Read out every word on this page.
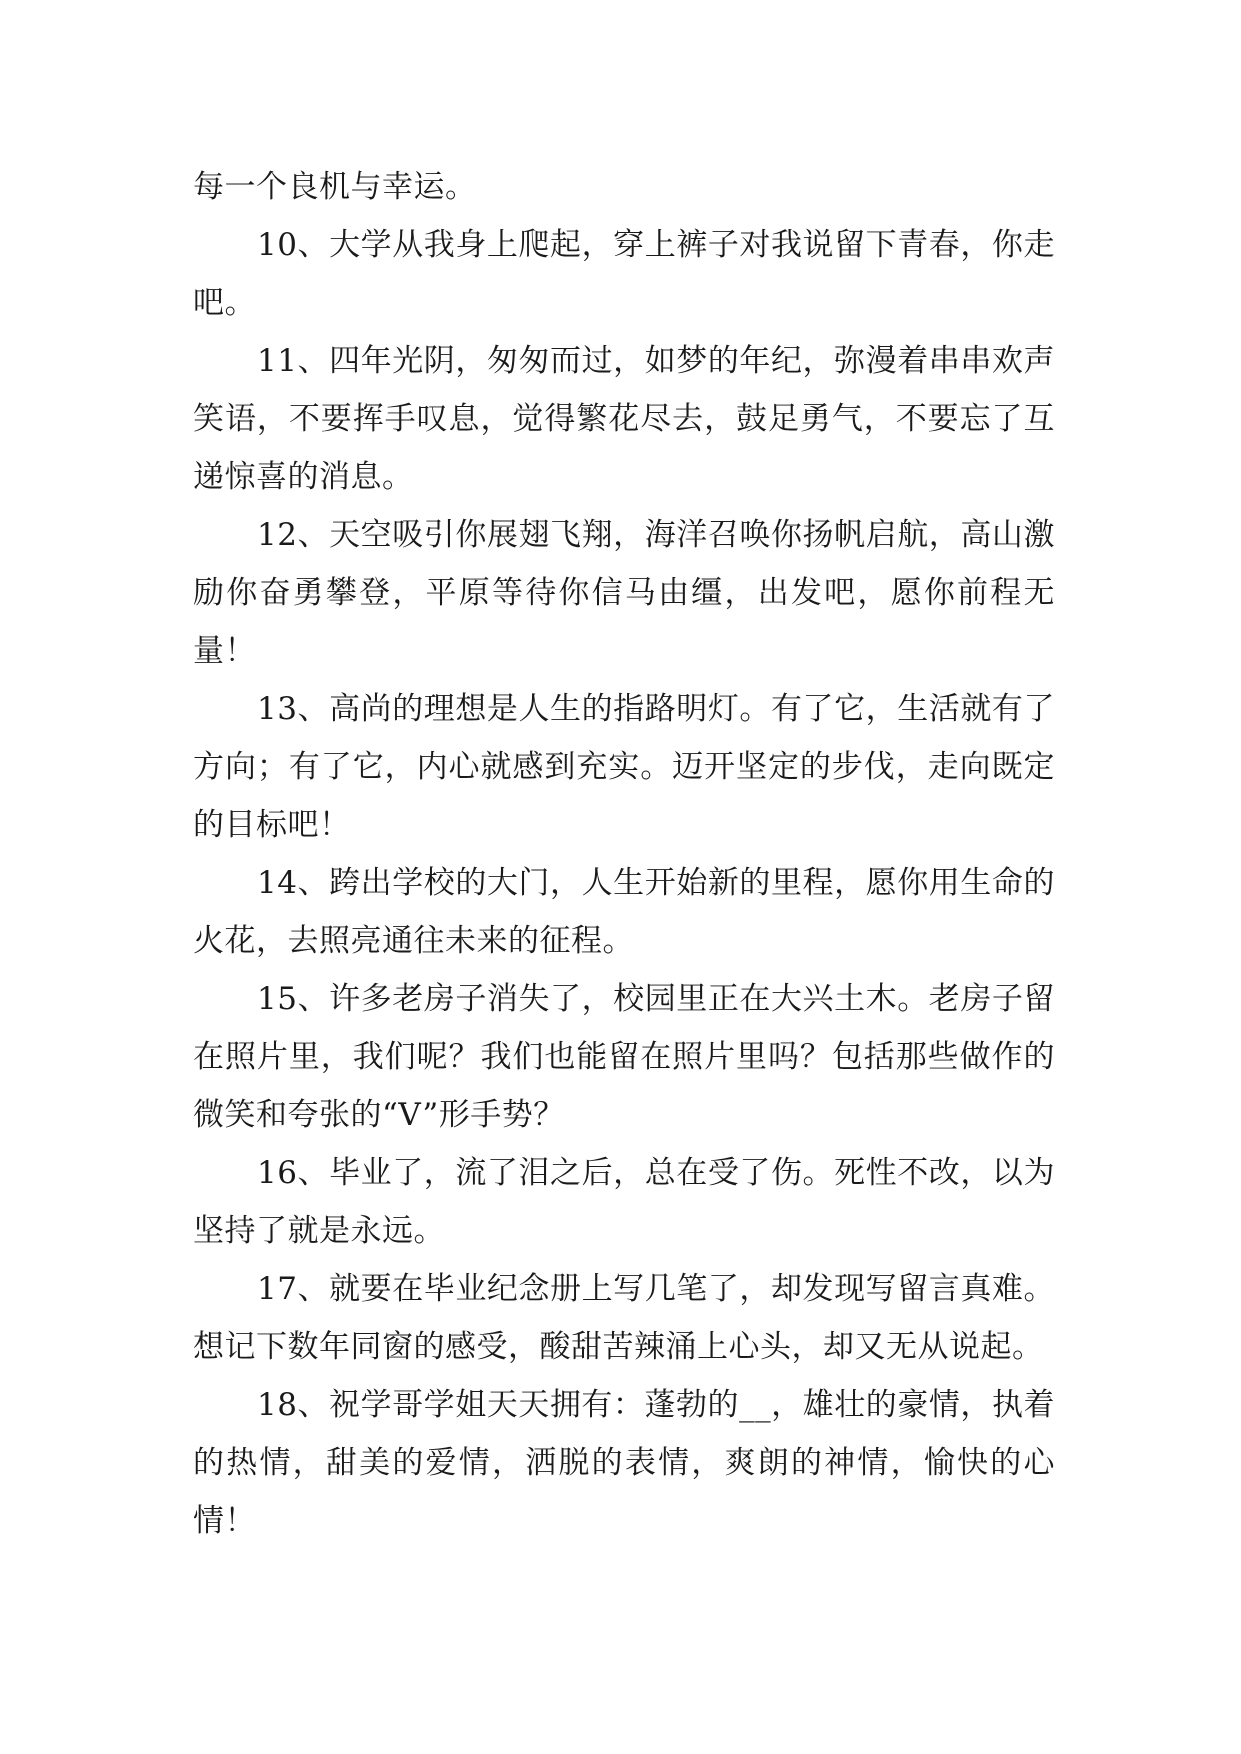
每一个良机与幸运。

10、大学从我身上爬起，穿上裤子对我说留下青春，你走吧。

11、四年光阴，匆匆而过，如梦的年纪，弥漫着串串欢声笑语，不要挥手叹息，觉得繁花尽去，鼓足勇气，不要忘了互递惊喜的消息。

12、天空吸引你展翅飞翔，海洋召唤你扬帆启航，高山激励你奋勇攀登，平原等待你信马由缰，出发吧，愿你前程无量！

13、高尚的理想是人生的指路明灯。有了它，生活就有了方向；有了它，内心就感到充实。迈开坚定的步伐，走向既定的目标吧！

14、跨出学校的大门，人生开始新的里程，愿你用生命的火花，去照亮通往未来的征程。

15、许多老房子消失了，校园里正在大兴土木。老房子留在照片里，我们呢？我们也能留在照片里吗？包括那些做作的微笑和夸张的“V”形手势？

16、毕业了，流了泪之后，总在受了伤。死性不改，以为坚持了就是永远。

17、就要在毕业纪念册上写几笔了，却发现写留言真难。想记下数年同窗的感受，酸甜苦辣涌上心头，却又无从说起。

18、祝学哥学姐天天拥有：蓬勃的__，雄壮的豪情，执着的热情，甜美的爱情，洒脱的表情，爽朗的神情，愉快的心情！
